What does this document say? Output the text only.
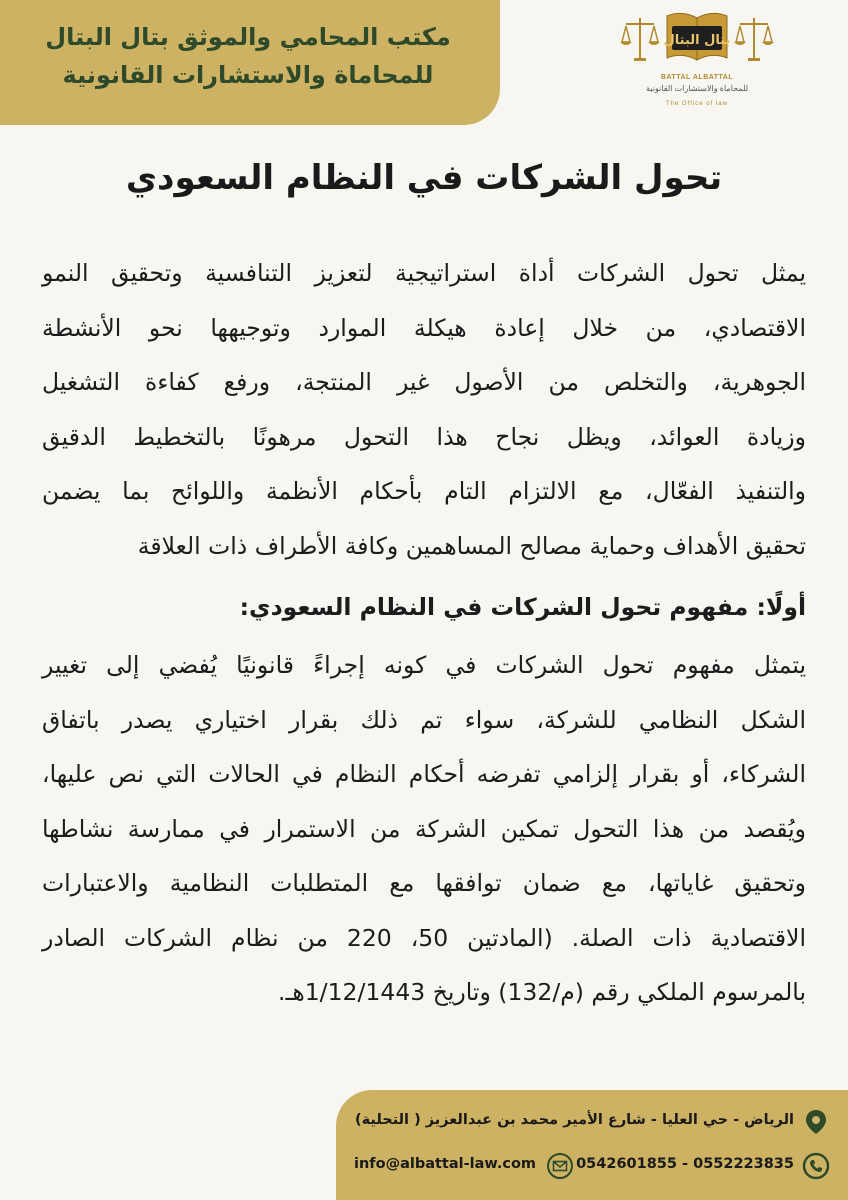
مكتب المحامي والموثق بتال البتال
للمحاماة والاستشارات القانونية
بتال البتال
BATTAL ALBATTAL
للمحاماة والاستشارات القانونية
The Office of law
تحول الشركات في النظام السعودي
يمثل تحول الشركات أداة استراتيجية لتعزيز التنافسية وتحقيق النمو
الاقتصادي، من خلال إعادة هيكلة الموارد وتوجيهها نحو الأنشطة
الجوهرية، والتخلص من الأصول غير المنتجة، ورفع كفاءة التشغيل
وزيادة العوائد، ويظل نجاح هذا التحول مرهونًا بالتخطيط الدقيق
والتنفيذ الفعّال، مع الالتزام التام بأحكام الأنظمة واللوائح بما يضمن
تحقيق الأهداف وحماية مصالح المساهمين وكافة الأطراف ذات العلاقة
أولًا: مفهوم تحول الشركات في النظام السعودي:
يتمثل مفهوم تحول الشركات في كونه إجراءً قانونيًا يُفضي إلى تغيير
الشكل النظامي للشركة، سواء تم ذلك بقرار اختياري يصدر باتفاق
الشركاء، أو بقرار إلزامي تفرضه أحكام النظام في الحالات التي نص عليها،
ويُقصد من هذا التحول تمكين الشركة من الاستمرار في ممارسة نشاطها
وتحقيق غاياتها، مع ضمان توافقها مع المتطلبات النظامية والاعتبارات
الاقتصادية ذات الصلة. (المادتين 50، 220 من نظام الشركات الصادر
بالمرسوم الملكي رقم (م/132) وتاريخ 1/12/1443هـ.
الرياض - حي العليا - شارع الأمير محمد بن عبدالعزيز ( التحلية)
0542601855 - 0552223835
info@albattal-law.com
